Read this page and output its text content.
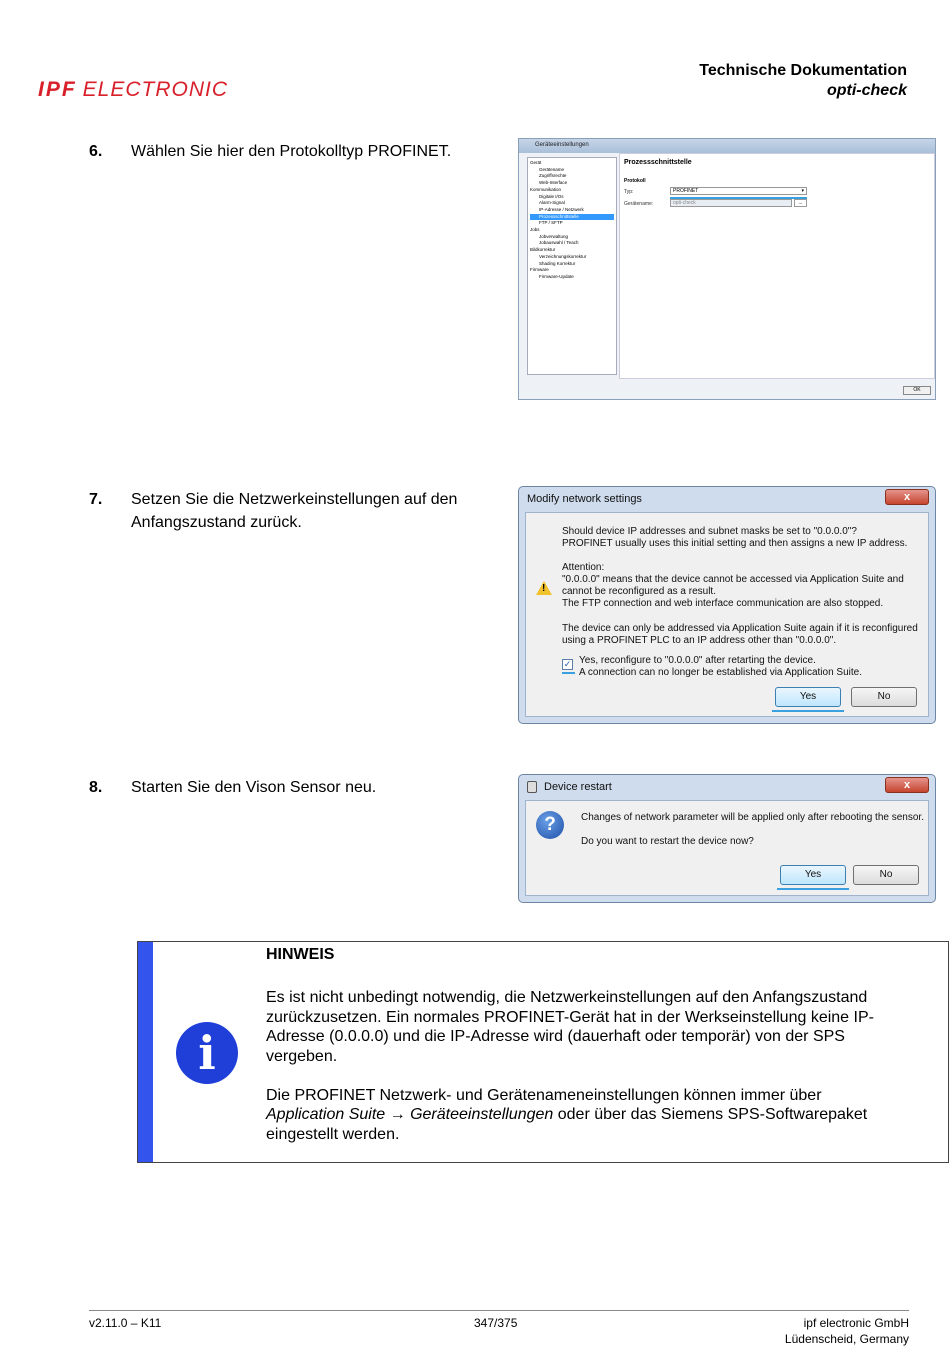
IPF ELECTRONIC
Technische Dokumentation
opti-check
6. Wählen Sie hier den Protokolltyp PROFINET.	Geräteeinstellungen
Gerät
Gerätename
Zugriffsrechte
Web-Interface
Kommunikation
Digitale I/Os
Alarm-Signal
IP-Adresse / Netzwerk
Prozessschnittstelle
FTP / SFTP
Jobs
Jobverwaltung
Jobauswahl / Teach
Bildkorrektur
Verzeichnungskorrektur
Shading Korrektur
Firmware
Firmware-Update
Prozessschnittstelle
Protokoll
Typ:	PROFINET	▾
Gerätename:	opti-check	...
OK
7. Setzen Sie die Netzwerkeinstellungen auf den
Anfangszustand zurück.
Modify network settings	x

Should device IP addresses and subnet masks be set to "0.0.0.0"?

PROFINET usually uses this initial setting and then assigns a new IP address.

Attention:

"0.0.0.0" means that the device cannot be accessed via Application Suite and

cannot be reconfigured as a result.

The FTP connection and web interface communication are also stopped.

The device can only be addressed via Application Suite again if it is reconfigured

using a PROFINET PLC to an IP address other than "0.0.0.0".

!
✓ Yes, reconfigure to "0.0.0.0" after retarting the device.

A connection can no longer be established via Application Suite.

Yes	No
8. Starten Sie den Vison Sensor neu.	Device restart	x
?	Changes of network parameter will be applied only after rebooting the sensor.

Do you want to restart the device now?

Yes	No
i
HINWEIS
Es ist nicht unbedingt notwendig, die Netzwerkeinstellungen auf den Anfangszustand
zurückzusetzen. Ein normales PROFINET-Gerät hat in der Werkseinstellung keine IP-
Adresse (0.0.0.0) und die IP-Adresse wird (dauerhaft oder temporär) von der SPS
vergeben.
Die PROFINET Netzwerk- und Gerätenameneinstellungen können immer über
Application Suite → Geräteeinstellungen oder über das Siemens SPS-Softwarepaket
eingestellt werden.
v2.11.0 – K11	347/375	ipf electronic GmbH
Lüdenscheid, Germany
